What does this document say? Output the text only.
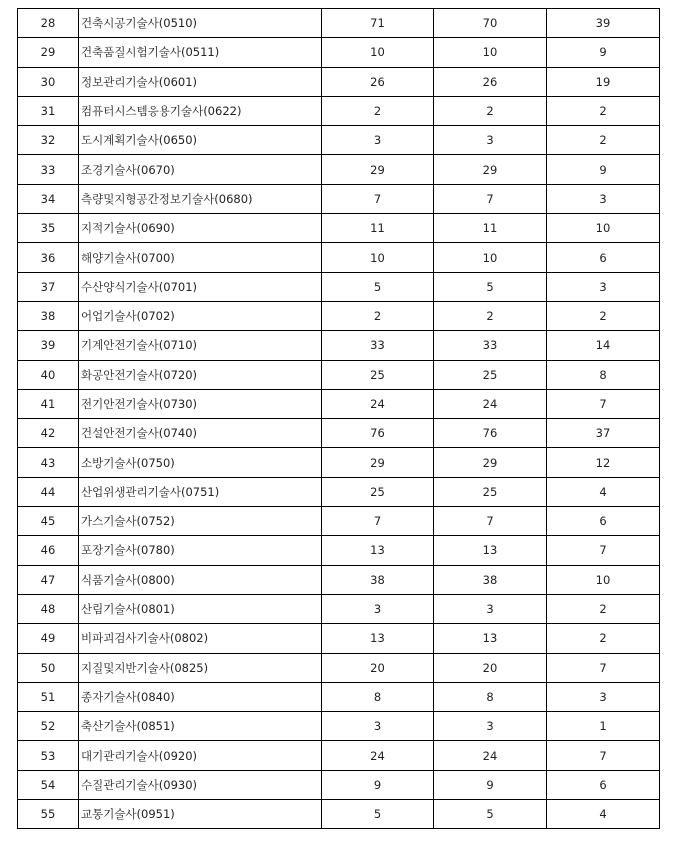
28	건축시공기술사(0510)	71	70	39
29	건축품질시험기술사(0511)	10	10	9
30	정보관리기술사(0601)	26	26	19
31	컴퓨터시스템응용기술사(0622)	2	2	2
32	도시계획기술사(0650)	3	3	2
33	조경기술사(0670)	29	29	9
34	측량및지형공간정보기술사(0680)	7	7	3
35	지적기술사(0690)	11	11	10
36	해양기술사(0700)	10	10	6
37	수산양식기술사(0701)	5	5	3
38	어업기술사(0702)	2	2	2
39	기계안전기술사(0710)	33	33	14
40	화공안전기술사(0720)	25	25	8
41	전기안전기술사(0730)	24	24	7
42	건설안전기술사(0740)	76	76	37
43	소방기술사(0750)	29	29	12
44	산업위생관리기술사(0751)	25	25	4
45	가스기술사(0752)	7	7	6
46	포장기술사(0780)	13	13	7
47	식품기술사(0800)	38	38	10
48	산림기술사(0801)	3	3	2
49	비파괴검사기술사(0802)	13	13	2
50	지질및지반기술사(0825)	20	20	7
51	종자기술사(0840)	8	8	3
52	축산기술사(0851)	3	3	1
53	대기관리기술사(0920)	24	24	7
54	수질관리기술사(0930)	9	9	6
55	교통기술사(0951)	5	5	4
